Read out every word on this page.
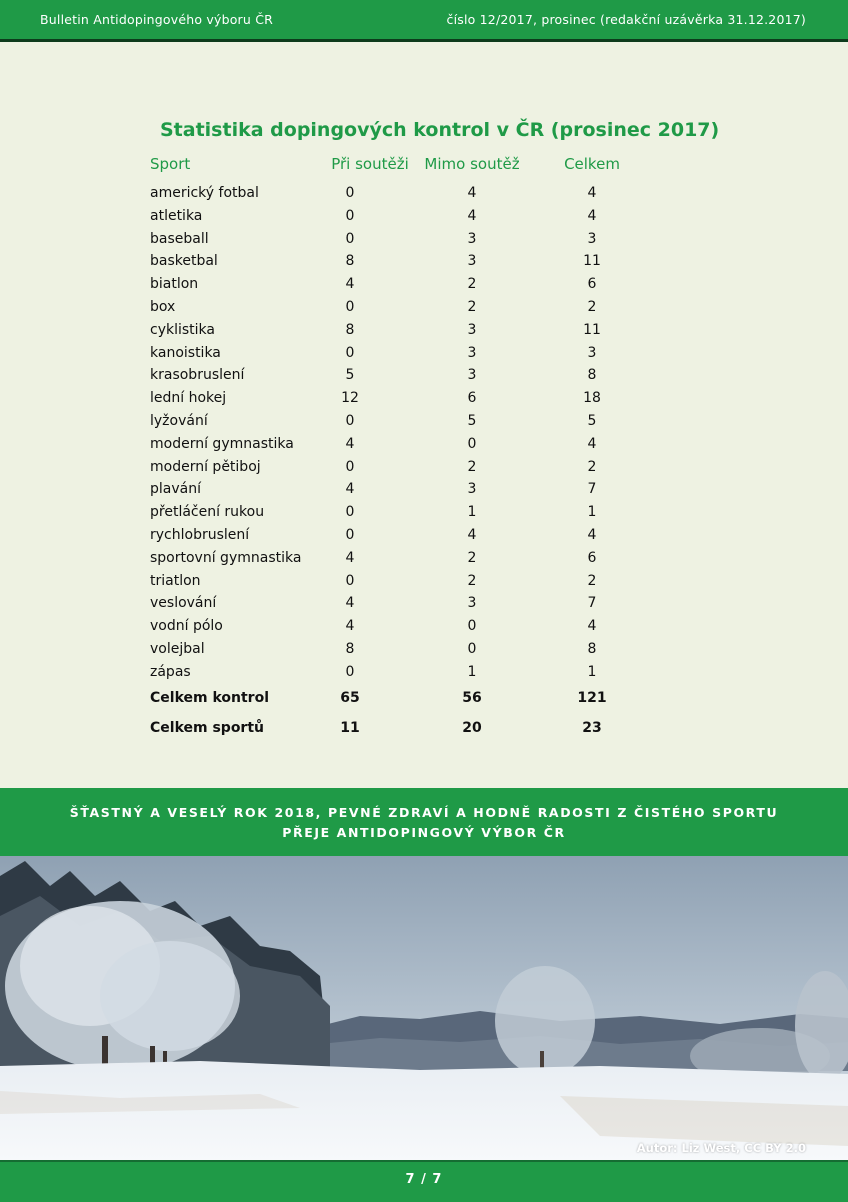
Bulletin Antidopingového výboru ČR	číslo 12/2017, prosinec (redakční uzávěrka 31.12.2017)
Statistika dopingových kontrol v ČR (prosinec 2017)
Sport	Při soutěži	Mimo soutěž	Celkem
americký fotbal	0	4	4
atletika	0	4	4
baseball	0	3	3
basketbal	8	3	11
biatlon	4	2	6
box	0	2	2
cyklistika	8	3	11
kanoistika	0	3	3
krasobruslení	5	3	8
lední hokej	12	6	18
lyžování	0	5	5
moderní gymnastika	4	0	4
moderní pětiboj	0	2	2
plavání	4	3	7
přetláčení rukou	0	1	1
rychlobruslení	0	4	4
sportovní gymnastika	4	2	6
triatlon	0	2	2
veslování	4	3	7
vodní pólo	4	0	4
volejbal	8	0	8
zápas	0	1	1
Celkem kontrol	65	56	121
Celkem sportů	11	20	23
ŠŤASTNÝ A VESELÝ ROK 2018, PEVNÉ ZDRAVÍ A HODNĚ RADOSTI Z ČISTÉHO SPORTU
PŘEJE ANTIDOPINGOVÝ VÝBOR ČR
Autor: Liz West, CC BY 2.0
7 / 7
